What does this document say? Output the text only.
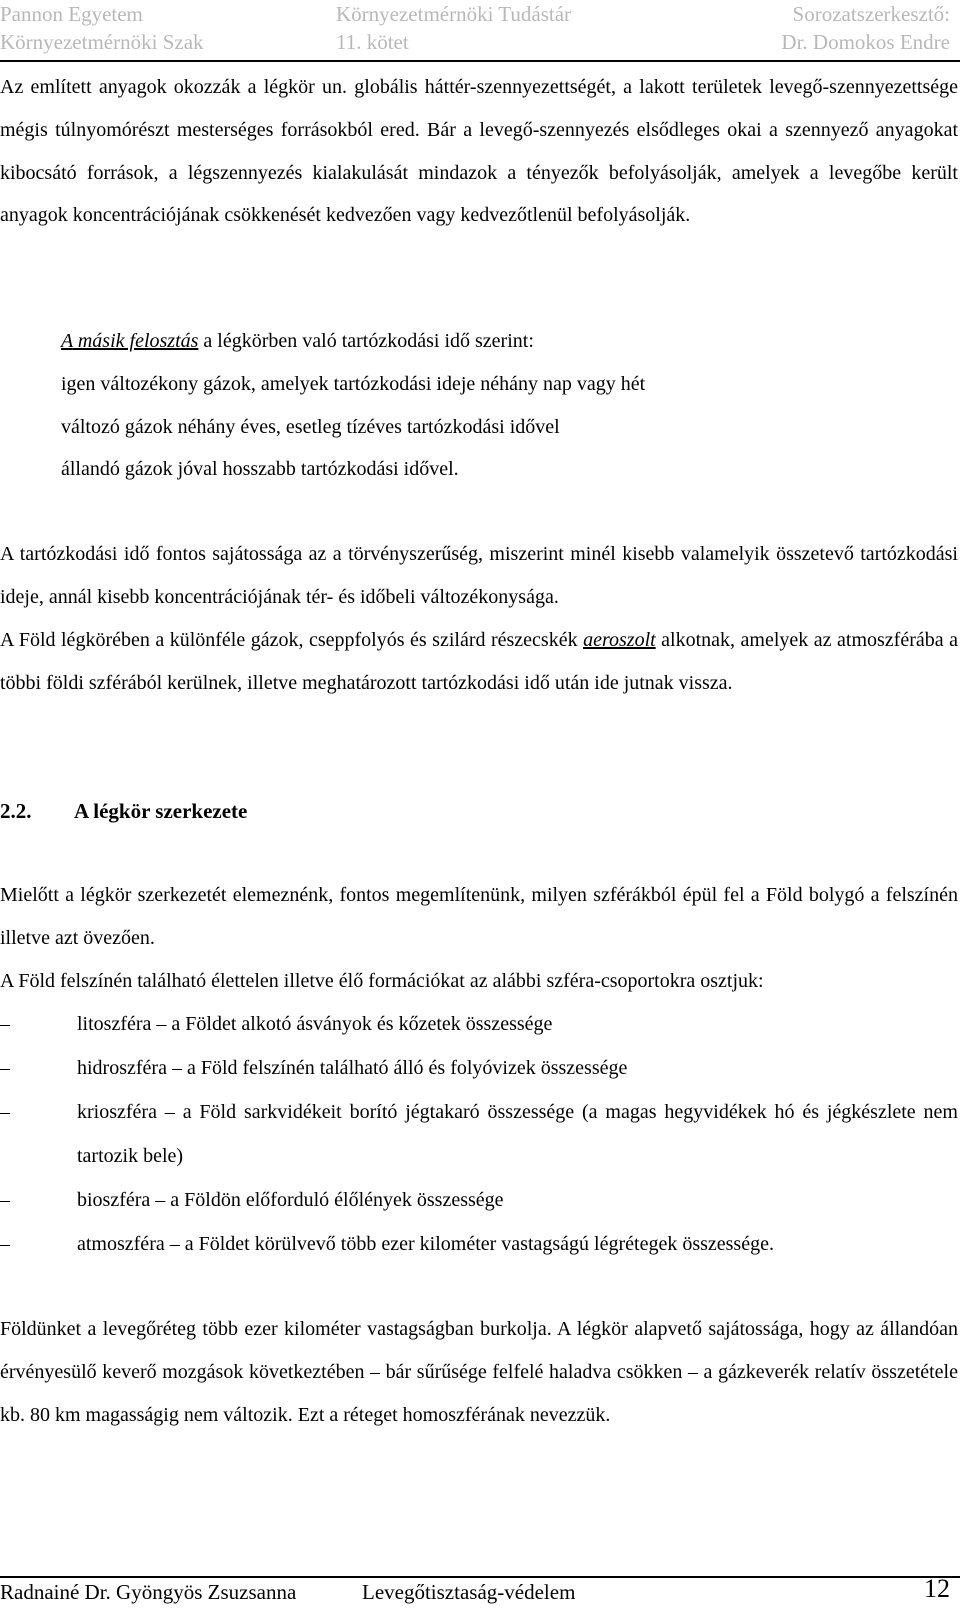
Pannon Egyetem
Környezetmérnöki Szak
Környezetmérnöki Tudástár
11. kötet
Sorozatszerkesztő:
Dr. Domokos Endre

Az említett anyagok okozzák a légkör un. globális háttér-szennyezettségét, a lakott területek levegő-szennyezettsége mégis túlnyomórészt mesterséges forrásokból ered. Bár a levegő-szennyezés elsődleges okai a szennyező anyagokat kibocsátó források, a légszennyezés kialakulását mindazok a tényezők befolyásolják, amelyek a levegőbe került anyagok koncentrációjának csökkenését kedvezően vagy kedvezőtlenül befolyásolják.

A másik felosztás a légkörben való tartózkodási idő szerint:
igen változékony gázok, amelyek tartózkodási ideje néhány nap vagy hét
változó gázok néhány éves, esetleg tízéves tartózkodási idővel
állandó gázok jóval hosszabb tartózkodási idővel.

A tartózkodási idő fontos sajátossága az a törvényszerűség, miszerint minél kisebb valamelyik összetevő tartózkodási ideje, annál kisebb koncentrációjának tér- és időbeli változékonysága.

A Föld légkörében a különféle gázok, cseppfolyós és szilárd részecskék aeroszolt alkotnak, amelyek az atmoszférába a többi földi szférából kerülnek, illetve meghatározott tartózkodási idő után ide jutnak vissza.

2.2. A légkör szerkezete

Mielőtt a légkör szerkezetét elemeznénk, fontos megemlítenünk, milyen szférákból épül fel a Föld bolygó a felszínén illetve azt övezően.

A Föld felszínén található élettelen illetve élő formációkat az alábbi szféra-csoportokra osztjuk:

–	litoszféra – a Földet alkotó ásványok és kőzetek összessége
–	hidroszféra – a Föld felszínén található álló és folyóvizek összessége
–	krioszféra – a Föld sarkvidékeit borító jégtakaró összessége (a magas hegyvidékek hó és jégkészlete nem tartozik bele)
–	bioszféra – a Földön előforduló élőlények összessége
–	atmoszféra – a Földet körülvevő több ezer kilométer vastagságú légrétegek összessége.

Földünket a levegőréteg több ezer kilométer vastagságban burkolja. A légkör alapvető sajátossága, hogy az állandóan érvényesülő keverő mozgások következtében – bár sűrűsége felfelé haladva csökken – a gázkeverék relatív összetétele kb. 80 km magasságig nem változik. Ezt a réteget homoszférának nevezzük.

Radnainé Dr. Gyöngyös Zsuzsanna	Levegőtisztaság-védelem	12
